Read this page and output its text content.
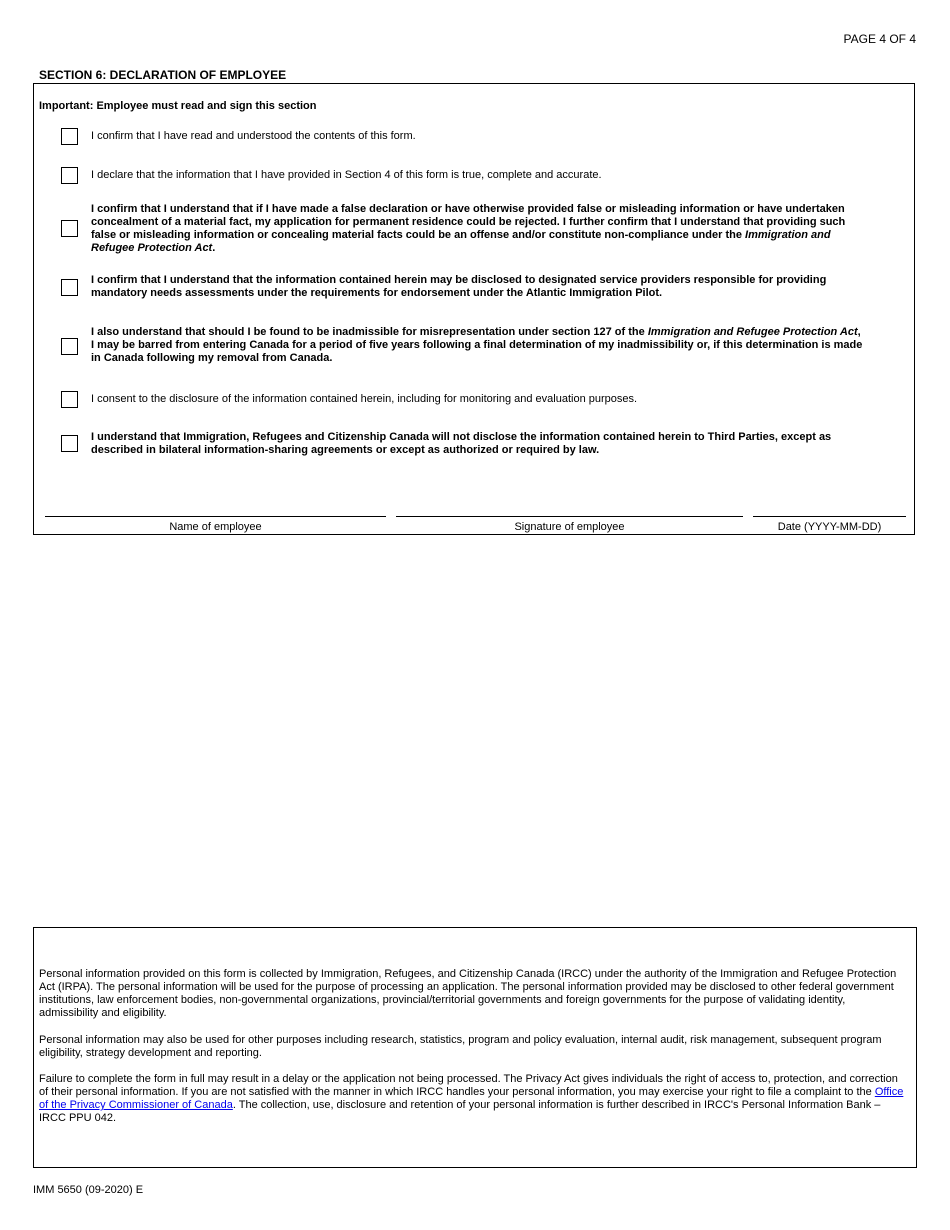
PAGE 4 OF 4
SECTION 6: DECLARATION OF EMPLOYEE
Important: Employee must read and sign this section
I confirm that I have read and understood the contents of this form.
I declare that the information that I have provided in Section 4 of this form is true, complete and accurate.
I confirm that I understand that if I have made a false declaration or have otherwise provided false or misleading information or have undertaken concealment of a material fact, my application for permanent residence could be rejected. I further confirm that I understand that providing such false or misleading information or concealing material facts could be an offense and/or constitute non-compliance under the Immigration and Refugee Protection Act.
I confirm that I understand that the information contained herein may be disclosed to designated service providers responsible for providing mandatory needs assessments under the requirements for endorsement under the Atlantic Immigration Pilot.
I also understand that should I be found to be inadmissible for misrepresentation under section 127 of the Immigration and Refugee Protection Act, I may be barred from entering Canada for a period of five years following a final determination of my inadmissibility or, if this determination is made in Canada following my removal from Canada.
I consent to the disclosure of the information contained herein, including for monitoring and evaluation purposes.
I understand that Immigration, Refugees and Citizenship Canada will not disclose the information contained herein to Third Parties, except as described in bilateral information-sharing agreements or except as authorized or required by law.
Name of employee	Signature of employee	Date (YYYY-MM-DD)
Personal information provided on this form is collected by Immigration, Refugees, and Citizenship Canada (IRCC) under the authority of the Immigration and Refugee Protection Act (IRPA). The personal information will be used for the purpose of processing an application. The personal information provided may be disclosed to other federal government institutions, law enforcement bodies, non-governmental organizations, provincial/territorial governments and foreign governments for the purpose of validating identity, admissibility and eligibility.
Personal information may also be used for other purposes including research, statistics, program and policy evaluation, internal audit, risk management, subsequent program eligibility, strategy development and reporting.
Failure to complete the form in full may result in a delay or the application not being processed. The Privacy Act gives individuals the right of access to, protection, and correction of their personal information. If you are not satisfied with the manner in which IRCC handles your personal information, you may exercise your right to file a complaint to the Office of the Privacy Commissioner of Canada. The collection, use, disclosure and retention of your personal information is further described in IRCC's Personal Information Bank – IRCC PPU 042.
IMM 5650 (09-2020) E
